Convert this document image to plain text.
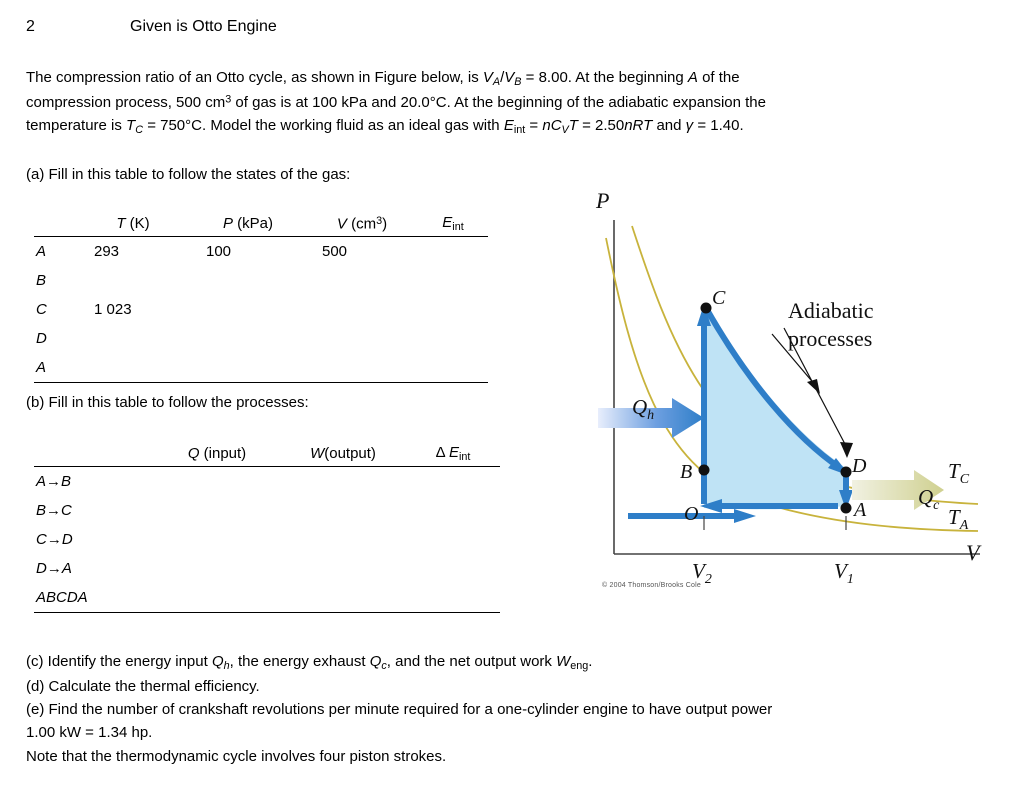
2	Given is Otto Engine
The compression ratio of an Otto cycle, as shown in Figure below, is $V_A/V_B = 8.00$. At the beginning A of the
compression process, 500 $cm^3$ of gas is at 100 kPa and 20.0°C. At the beginning of the adiabatic expansion the
temperature is $T_C = 750^\circ C$. Model the working fluid as an ideal gas with $E_{int} = nC_VT = 2.50nRT$ and γ = 1.40.
(a) Fill in this table to follow the states of the gas:
	T (K)	P (kPa)	V $(cm^3)$	$E_{int}$
A	293	100	500	
B				
C	1 023			
D				
A				
(b) Fill in this table to follow the processes:
	Q (input)	W(output)	Δ $E_{int}$
A→B			
B→C			
C→D			
D→A			
ABCDA			
(c) Identify the energy input $Q_h$, the energy exhaust $Q_c$, and the net output work $W_{eng}$.
(d) Calculate the thermal efficiency.
(e) Find the number of crankshaft revolutions per minute required for a one-cylinder engine to have output power
1.00 kW = 1.34 hp.
Note that the thermodynamic cycle involves four piston strokes.
P
V
C
B	D
A
O
$Q_h$
$Q_c$
$T_C$
$T_A$
$V_2$	$V_1$
Adiabatic
processes
© 2004 Thomson/Brooks Cole
